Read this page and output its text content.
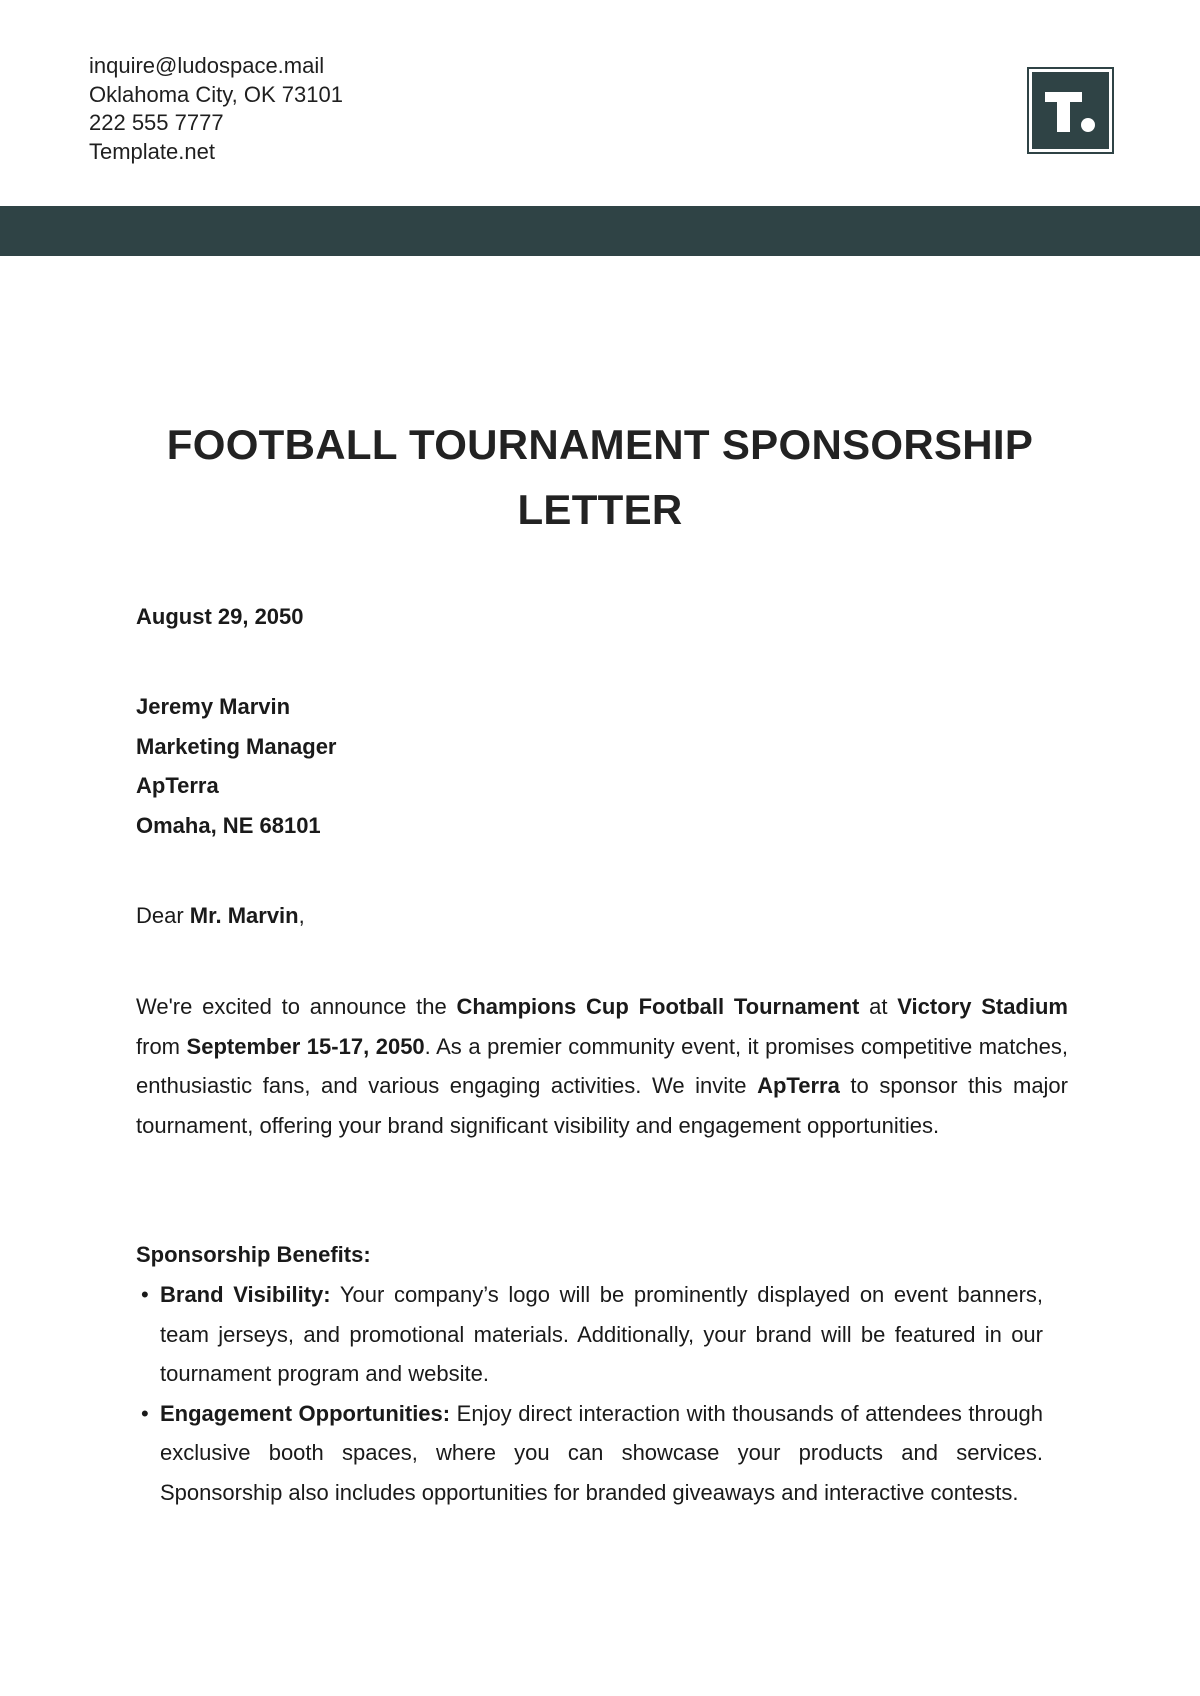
inquire@ludospace.mail
Oklahoma City, OK 73101
222 555 7777
Template.net
FOOTBALL TOURNAMENT SPONSORSHIP LETTER
August 29, 2050
Jeremy Marvin
Marketing Manager
ApTerra
Omaha, NE 68101
Dear Mr. Marvin,
We're excited to announce the Champions Cup Football Tournament at Victory Stadium from September 15-17, 2050. As a premier community event, it promises competitive matches, enthusiastic fans, and various engaging activities. We invite ApTerra to sponsor this major tournament, offering your brand significant visibility and engagement opportunities.
Sponsorship Benefits:
• Brand Visibility: Your company’s logo will be prominently displayed on event banners, team jerseys, and promotional materials. Additionally, your brand will be featured in our tournament program and website.
• Engagement Opportunities: Enjoy direct interaction with thousands of attendees through exclusive booth spaces, where you can showcase your products and services. Sponsorship also includes opportunities for branded giveaways and interactive contests.
